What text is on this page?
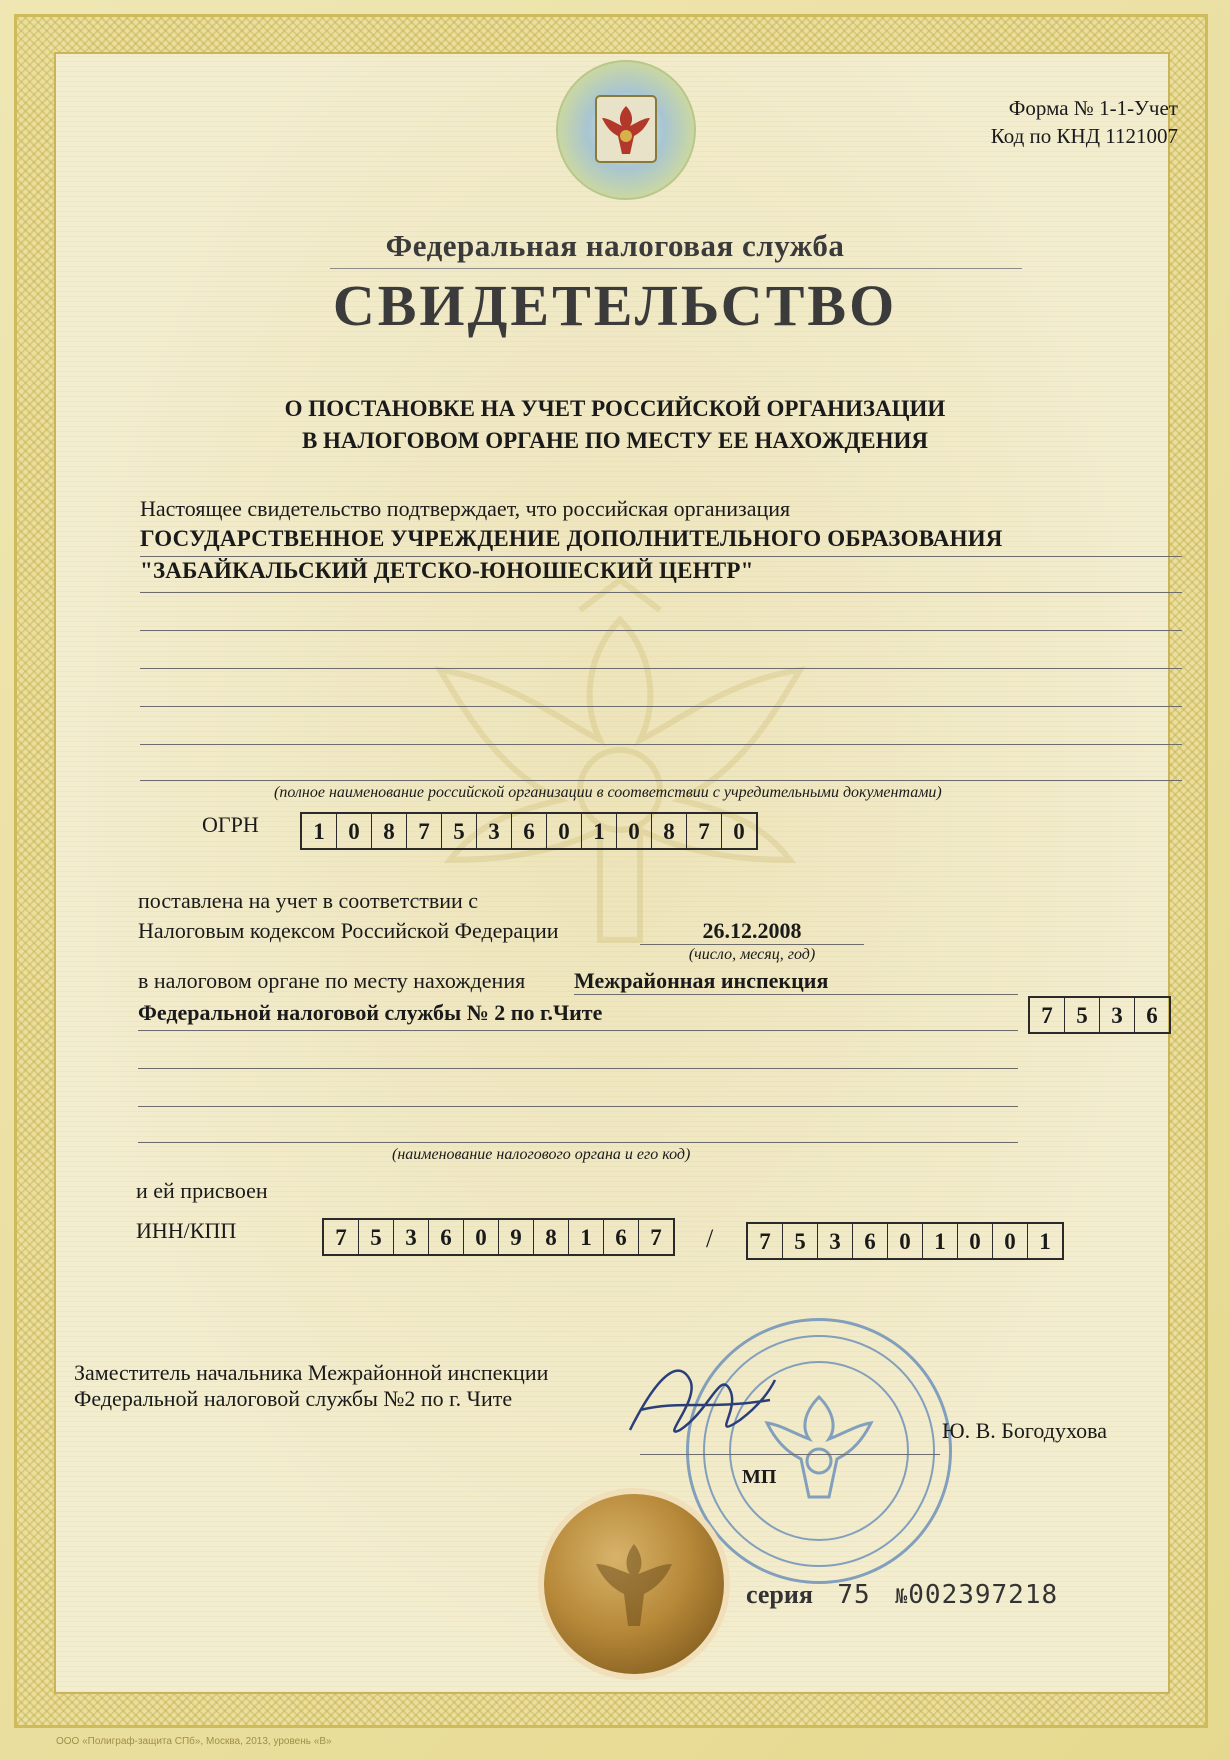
Форма № 1-1-Учет
Код по КНД 1121007
Федеральная налоговая служба
СВИДЕТЕЛЬСТВО
О ПОСТАНОВКЕ НА УЧЕТ РОССИЙСКОЙ ОРГАНИЗАЦИИ
В НАЛОГОВОМ ОРГАНЕ ПО МЕСТУ ЕЕ НАХОЖДЕНИЯ
Настоящее свидетельство подтверждает, что российская организация
ГОСУДАРСТВЕННОЕ УЧРЕЖДЕНИЕ ДОПОЛНИТЕЛЬНОГО ОБРАЗОВАНИЯ
"ЗАБАЙКАЛЬСКИЙ ДЕТСКО-ЮНОШЕСКИЙ ЦЕНТР"
(полное наименование российской организации в соответствии с учредительными документами)
ОГРН	1	0	8	7	5	3	6	0	1	0	8	7	0
поставлена на учет в соответствии с
Налоговым кодексом Российской Федерации	26.12.2008
(число, месяц, год)
в налоговом органе по месту нахождения Межрайонная инспекция
Федеральной налоговой службы № 2 по г.Чите	7	5	3	6
(наименование налогового органа и его код)
и ей присвоен
ИНН/КПП	7	5	3	6	0	9	8	1	6	7	/	7	5	3	6	0	1	0	0	1
Заместитель начальника Межрайонной инспекции
Федеральной налоговой службы №2 по г. Чите
Ю. В. Богодухова
МП
серия 75 №002397218
ООО «Полиграф-защита СПб», Москва, 2013, уровень «В»
